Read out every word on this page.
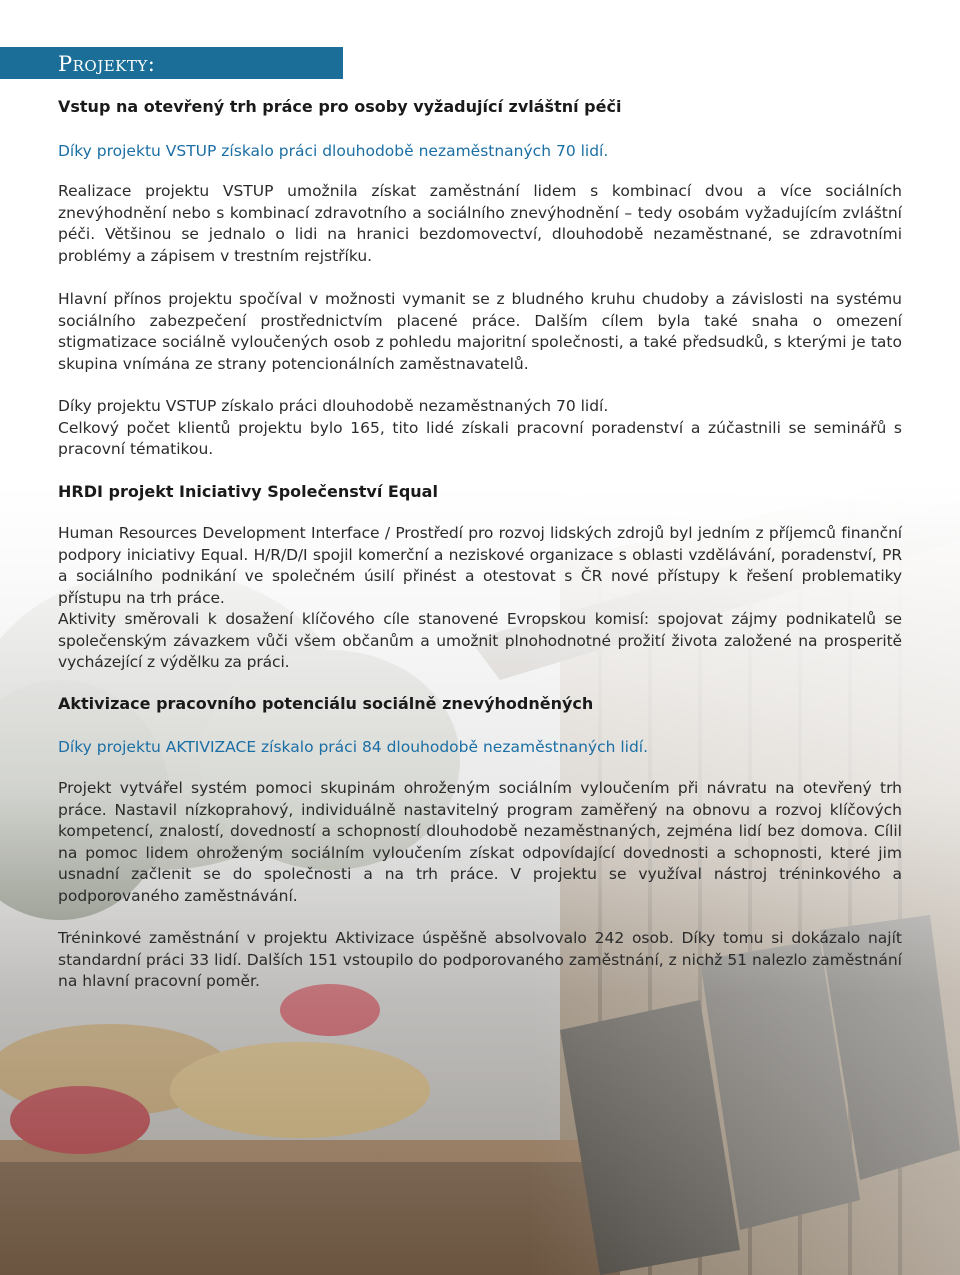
Projekty:
Vstup na otevřený trh práce pro osoby vyžadující zvláštní péči
Díky projektu VSTUP získalo práci dlouhodobě nezaměstnaných 70 lidí.

Realizace projektu VSTUP umožnila získat zaměstnání lidem s kombinací dvou a více sociálních znevýhodnění nebo s kombinací zdravotního a sociálního znevýhodnění – tedy osobám vyžadujícím zvláštní péči. Většinou se jednalo o lidi na hranici bezdomovectví, dlouhodobě nezaměstnané, se zdravotními problémy a zápisem v trestním rejstříku.

Hlavní přínos projektu spočíval v možnosti vymanit se z bludného kruhu chudoby a závislosti na systému sociálního zabezpečení prostřednictvím placené práce. Dalším cílem byla také snaha o omezení stigmatizace sociálně vyloučených osob z pohledu majoritní společnosti, a také předsudků, s kterými je tato skupina vnímána ze strany potencionálních zaměstnavatelů.

Díky projektu VSTUP získalo práci dlouhodobě nezaměstnaných 70 lidí.

Celkový počet klientů projektu bylo 165, tito lidé získali pracovní poradenství a zúčastnili se seminářů s pracovní tématikou.

HRDI projekt Iniciativy Společenství Equal

Human Resources Development Interface / Prostředí pro rozvoj lidských zdrojů byl jedním z příjemců finanční podpory iniciativy Equal. H/R/D/I spojil komerční a neziskové organizace s oblasti vzdělávání, poradenství, PR a sociálního podnikání ve společném úsilí přinést a otestovat s ČR nové přístupy k řešení problematiky přístupu na trh práce.

Aktivity směrovali k dosažení klíčového cíle stanovené Evropskou komisí: spojovat zájmy podnikatelů se společenským závazkem vůči všem občanům a umožnit plnohodnotné prožití života založené na prosperitě vycházející z výdělku za práci.

Aktivizace pracovního potenciálu sociálně znevýhodněných
Díky projektu AKTIVIZACE získalo práci 84 dlouhodobě nezaměstnaných lidí.

Projekt vytvářel systém pomoci skupinám ohroženým sociálním vyloučením při návratu na otevřený trh práce. Nastavil nízkoprahový, individuálně nastavitelný program zaměřený na obnovu a rozvoj klíčových kompetencí, znalostí, dovedností a schopností dlouhodobě nezaměstnaných, zejména lidí bez domova. Cílil na pomoc lidem ohroženým sociálním vyloučením získat odpovídající dovednosti a schopnosti, které jim usnadní začlenit se do společnosti a na trh práce. V projektu se využíval nástroj tréninkového a podporovaného zaměstnávání.

Tréninkové zaměstnání v projektu Aktivizace úspěšně absolvovalo 242 osob. Díky tomu si dokázalo najít standardní práci 33 lidí. Dalších 151 vstoupilo do podporovaného zaměstnání, z nichž 51 nalezlo zaměstnání na hlavní pracovní poměr.
